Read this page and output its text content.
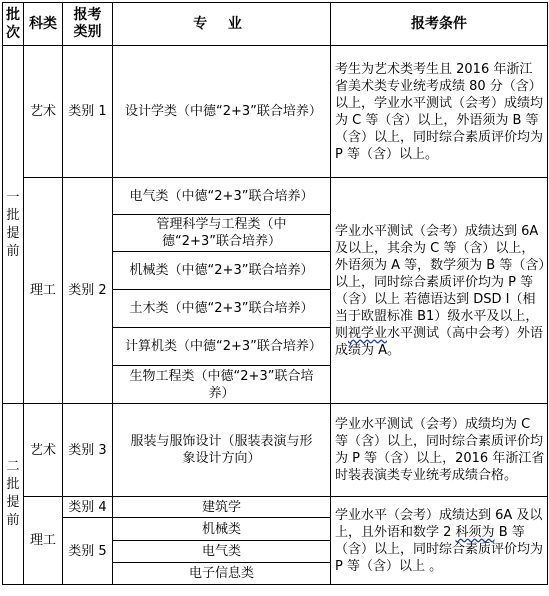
批次	科类	报考类别	专 业	报考条件
一批提前	艺术	类别 1	设计学类（中德“2+3”联合培养）	考生为艺术类考生且 2016 年浙江省美术类专业统考成绩 80 分（含）以上，学业水平测试（会考）成绩均为 C 等（含）以上，外语须为 B 等（含）以上，同时综合素质评价均为 P 等（含）以上。
	理工	类别 2	电气类（中德“2+3”联合培养）	学业水平测试（会考）成绩达到 6A 及以上，其余为 C 等（含）以上，外语须为 A 等，数学须为 B 等（含）以上，同时综合素质评价均为 P 等（含）以上 若德语达到 DSD I（相当于欧盟标准 B1）级水平及以上，则视学业水平测试（高中会考）外语成绩为 A。
			管理科学与工程类（中德“2+3”联合培养）	
			机械类（中德“2+3”联合培养）	
			土木类（中德“2+3”联合培养）	
			计算机类（中德“2+3”联合培养）	
			生物工程类（中德“2+3”联合培养）	
二批提前	艺术	类别 3	服装与服饰设计（服装表演与形象设计方向）	学业水平测试（会考）成绩均为 C 等（含）以上，同时综合素质评价均为 P 等（含）以上，2016 年浙江省时装表演类专业统考成绩合格。
	理工	类别 4	建筑学	学业水平（会考）成绩达到 6A 及以上，且外语和数学 2 科须为 B 等（含）以上，同时综合素质评价均为 P 等（含）以上 。
		类别 5	机械类	
			电气类	
			电子信息类	
